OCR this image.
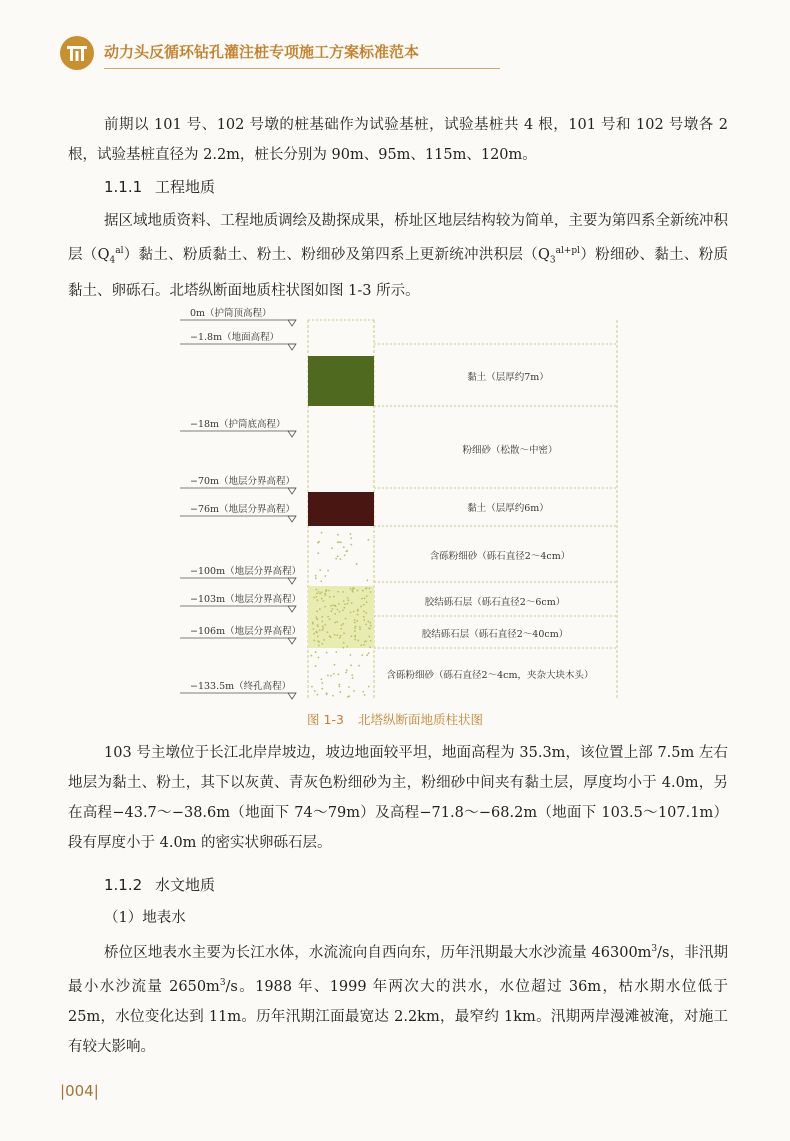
动力头反循环钻孔灌注桩专项施工方案标准范本

前期以 101 号、102 号墩的桩基础作为试验基桩，试验基桩共 4 根，101 号和 102 号墩各 2 根，试验基桩直径为 2.2m，桩长分别为 90m、95m、115m、120m。

1.1.1 工程地质

据区域地质资料、工程地质调绘及勘探成果，桥址区地层结构较为简单，主要为第四系全新统冲积层$(Q_4^{al})$黏土、粉质黏土、粉土、粉细砂及第四系上更新统冲洪积层$(Q_3^{al+pl})$粉细砂、黏土、粉质黏土、卵砾石。北塔纵断面地质柱状图如图 1-3 所示。

0m（护筒顶高程）
−1.8m（地面高程）
−18m（护筒底高程）
−70m（地层分界高程）
−76m（地层分界高程）
−100m（地层分界高程）
−103m（地层分界高程）
−106m（地层分界高程）
−133.5m（终孔高程）
黏土（层厚约7m）
粉细砂（松散～中密）
黏土（层厚约6m）
含砾粉细砂（砾石直径2～4cm）
胶结砾石层（砾石直径2～6cm）
胶结砾石层（砾石直径2～40cm）
含砾粉细砂（砾石直径2～4cm，夹杂大块木头）
图 1-3 北塔纵断面地质柱状图

103 号主墩位于长江北岸岸坡边，坡边地面较平坦，地面高程为 35.3m，该位置上部 7.5m 左右地层为黏土、粉土，其下以灰黄、青灰色粉细砂为主，粉细砂中间夹有黏土层，厚度均小于 4.0m，另在高程−43.7～−38.6m（地面下 74～79m）及高程−71.8～−68.2m（地面下 103.5～107.1m）段有厚度小于 4.0m 的密实状卵砾石层。

1.1.2 水文地质
（1）地表水

桥位区地表水主要为长江水体，水流流向自西向东，历年汛期最大水沙流量 $46300m^3/s$，非汛期最小水沙流量 $2650m^3/s$。1988 年、1999 年两次大的洪水，水位超过 36m，枯水期水位低于 25m，水位变化达到 11m。历年汛期江面最宽达 2.2km，最窄约 1km。汛期两岸漫滩被淹，对施工有较大影响。

|004|
